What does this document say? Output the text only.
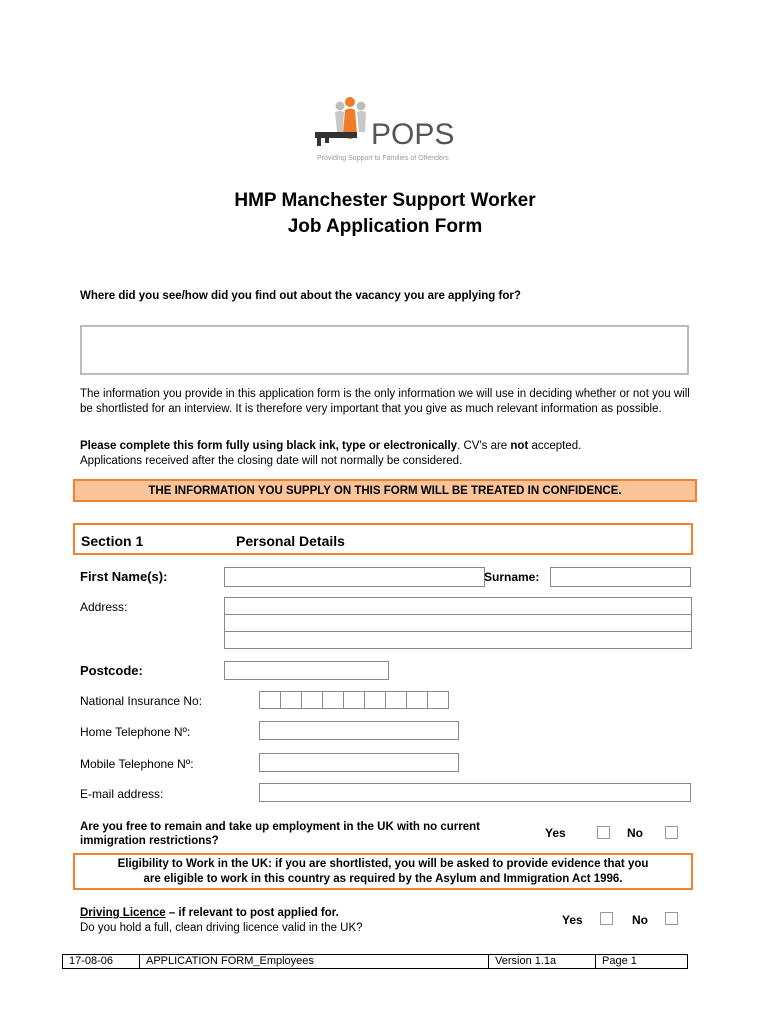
POPS
Providing Support to Families of Offenders
HMP Manchester Support Worker
Job Application Form
Where did you see/how did you find out about the vacancy you are applying for?
The information you provide in this application form is the only information we will use in deciding whether or not you will be shortlisted for an interview. It is therefore very important that you give as much relevant information as possible.
Please complete this form fully using black ink, type or electronically. CV's are not accepted.
Applications received after the closing date will not normally be considered.
THE INFORMATION YOU SUPPLY ON THIS FORM WILL BE TREATED IN CONFIDENCE.
Section 1	Personal Details
First Name(s):	Surname:
Address:
Postcode:
National Insurance No:
Home Telephone Nº:
Mobile Telephone Nº:
E-mail address:
Are you free to remain and take up employment in the UK with no current
immigration restrictions?
Yes	No
Eligibility to Work in the UK: if you are shortlisted, you will be asked to provide evidence that you
are eligible to work in this country as required by the Asylum and Immigration Act 1996.
Driving Licence – if relevant to post applied for.
Do you hold a full, clean driving licence valid in the UK?
Yes	No
17-08-06	APPLICATION FORM_Employees	Version 1.1a	Page 1
